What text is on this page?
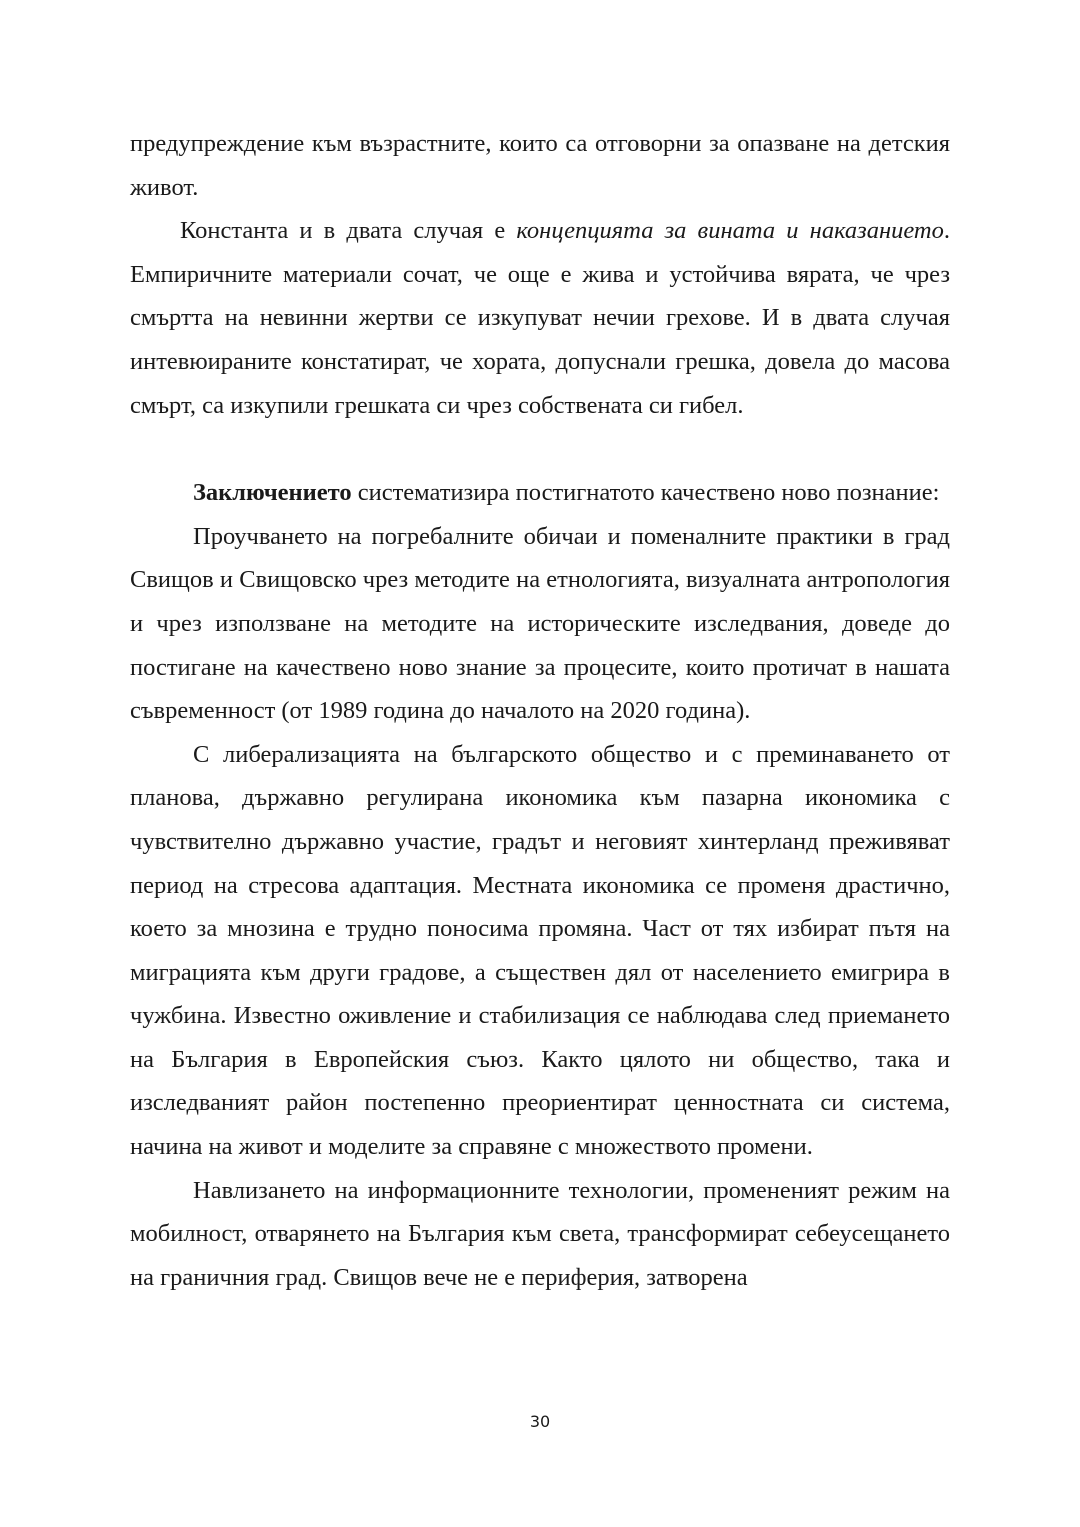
предупреждение към възрастните, които са отговорни за опазване на детския живот.

Константа и в двата случая е концепцията за вината и наказанието. Емпиричните материали сочат, че още е жива и устойчива вярата, че чрез смъртта на невинни жертви се изкупуват нечии грехове. И в двата случая интевюираните констатират, че хората, допуснали грешка, довела до масова смърт, са изкупили грешката си чрез собствената си гибел.

Заключението систематизира постигнатото качествено ново познание:

Проучването на погребалните обичаи и поменалните практики в град Свищов и Свищовско чрез методите на етнологията, визуалната антропология и чрез използване на методите на историческите изследвания, доведе до постигане на качествено ново знание за процесите, които протичат в нашата съвременност (от 1989 година до началото на 2020 година).

С либерализацията на българското общество и с преминаването от планова, държавно регулирана икономика към пазарна икономика с чувствително държавно участие, градът и неговият хинтерланд преживяват период на стресова адаптация. Местната икономика се променя драстично, което за мнозина е трудно поносима промяна. Част от тях избират пътя на миграцията към други градове, а съществен дял от населението емигрира в чужбина. Известно оживление и стабилизация се наблюдава след приемането на България в Европейския съюз. Както цялото ни общество, така и изследваният район постепенно преориентират ценностната си система, начина на живот и моделите за справяне с множеството промени.

Навлизането на информационните технологии, промененият режим на мобилност, отварянето на България към света, трансформират себеусещането на граничния град. Свищов вече не е периферия, затворена

30
